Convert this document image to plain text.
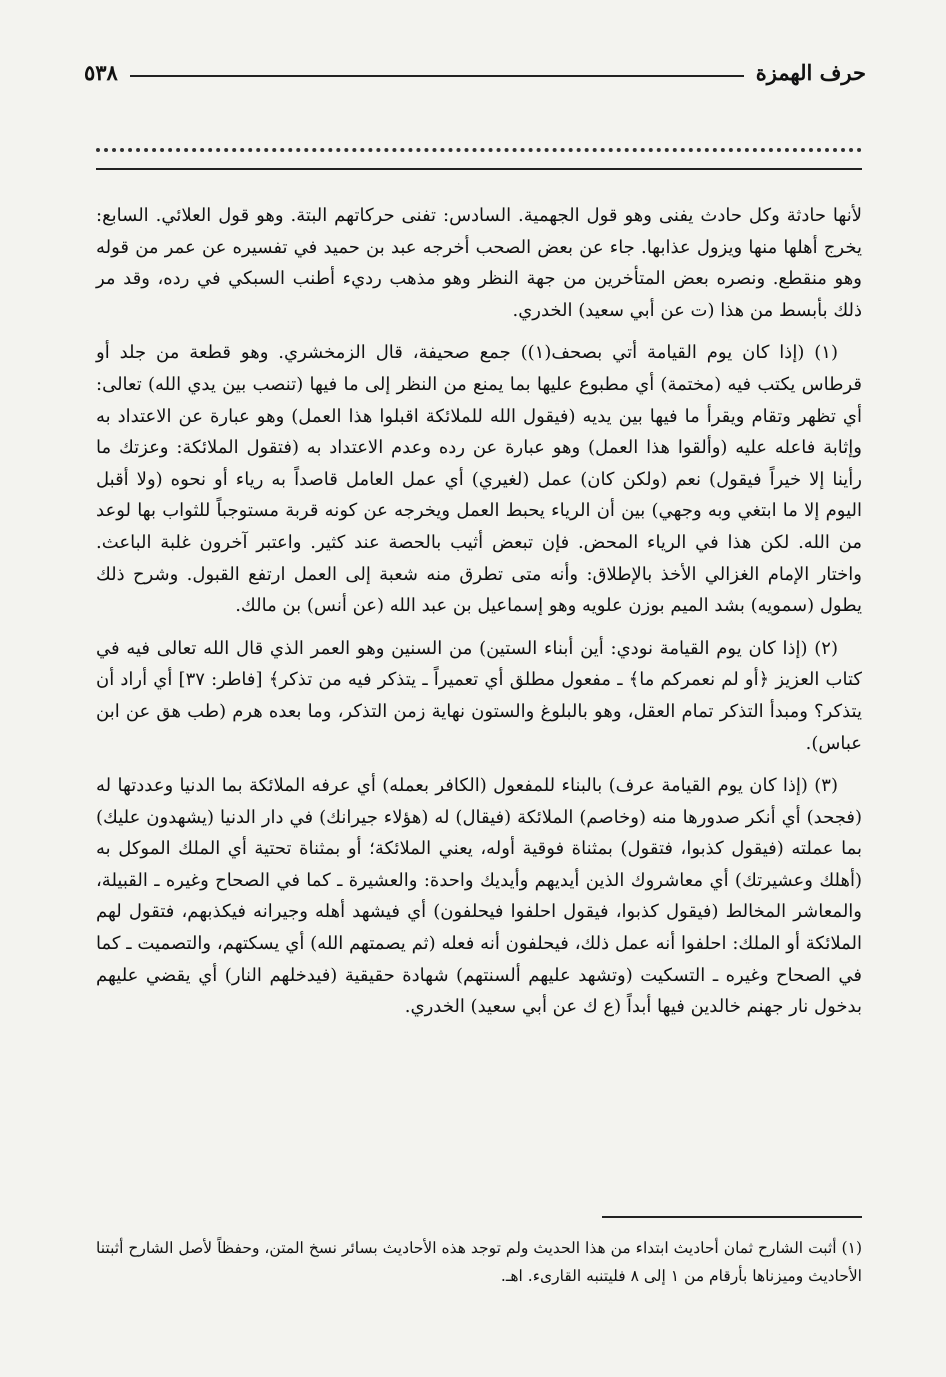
حرف الهمزة
٥٣٨

لأنها حادثة وكل حادث يفنى وهو قول الجهمية. السادس: تفنى حركاتهم البتة. وهو قول العلائي. السابع: يخرج أهلها منها ويزول عذابها. جاء عن بعض الصحب أخرجه عبد بن حميد في تفسيره عن عمر من قوله وهو منقطع. ونصره بعض المتأخرين من جهة النظر وهو مذهب رديء أطنب السبكي في رده، وقد مر ذلك بأبسط من هذا (ت عن أبي سعيد) الخدري.

(١) (إذا كان يوم القيامة أتي بصحف(١)) جمع صحيفة، قال الزمخشري. وهو قطعة من جلد أو قرطاس يكتب فيه (مختمة) أي مطبوع عليها بما يمنع من النظر إلى ما فيها (تنصب بين يدي الله) تعالى: أي تظهر وتقام ويقرأ ما فيها بين يديه (فيقول الله للملائكة اقبلوا هذا العمل) وهو عبارة عن الاعتداد به وإثابة فاعله عليه (وألقوا هذا العمل) وهو عبارة عن رده وعدم الاعتداد به (فتقول الملائكة: وعزتك ما رأينا إلا خيراً فيقول) نعم (ولكن كان) عمل (لغيري) أي عمل العامل قاصداً به رياء أو نحوه (ولا أقبل اليوم إلا ما ابتغي وبه وجهي) بين أن الرياء يحبط العمل ويخرجه عن كونه قربة مستوجباً للثواب بها لوعد من الله. لكن هذا في الرياء المحض. فإن تبعض أثيب بالحصة عند كثير. واعتبر آخرون غلبة الباعث. واختار الإمام الغزالي الأخذ بالإطلاق: وأنه متى تطرق منه شعبة إلى العمل ارتفع القبول. وشرح ذلك يطول (سمويه) بشد الميم بوزن علويه وهو إسماعيل بن عبد الله (عن أنس) بن مالك.

(٢) (إذا كان يوم القيامة نودي: أين أبناء الستين) من السنين وهو العمر الذي قال الله تعالى فيه في كتاب العزيز ﴿أو لم نعمركم ما﴾ ـ مفعول مطلق أي تعميراً ـ يتذكر فيه من تذكر﴾ [فاطر: ٣٧] أي أراد أن يتذكر؟ ومبدأ التذكر تمام العقل، وهو بالبلوغ والستون نهاية زمن التذكر، وما بعده هرم (طب هق عن ابن عباس).

(٣) (إذا كان يوم القيامة عرف) بالبناء للمفعول (الكافر بعمله) أي عرفه الملائكة بما الدنيا وعددتها له (فجحد) أي أنكر صدورها منه (وخاصم) الملائكة (فيقال) له (هؤلاء جيرانك) في دار الدنيا (يشهدون عليك) بما عملته (فيقول كذبوا، فتقول) بمثناة فوقية أوله، يعني الملائكة؛ أو بمثناة تحتية أي الملك الموكل به (أهلك وعشيرتك) أي معاشروك الذين أيديهم وأيديك واحدة: والعشيرة ـ كما في الصحاح وغيره ـ القبيلة، والمعاشر المخالط (فيقول كذبوا، فيقول احلفوا فيحلفون) أي فيشهد أهله وجيرانه فيكذبهم، فتقول لهم الملائكة أو الملك: احلفوا أنه عمل ذلك، فيحلفون أنه فعله (ثم يصمتهم الله) أي يسكتهم، والتصميت ـ كما في الصحاح وغيره ـ التسكيت (وتشهد عليهم ألسنتهم) شهادة حقيقية (فيدخلهم النار) أي يقضي عليهم بدخول نار جهنم خالدين فيها أبداً (ع ك عن أبي سعيد) الخدري.

(١) أثبت الشارح ثمان أحاديث ابتداء من هذا الحديث ولم توجد هذه الأحاديث بسائر نسخ المتن، وحفظاً لأصل الشارح أثبتنا الأحاديث وميزناها بأرقام من ١ إلى ٨ فليتنبه القارىء. اهـ.
